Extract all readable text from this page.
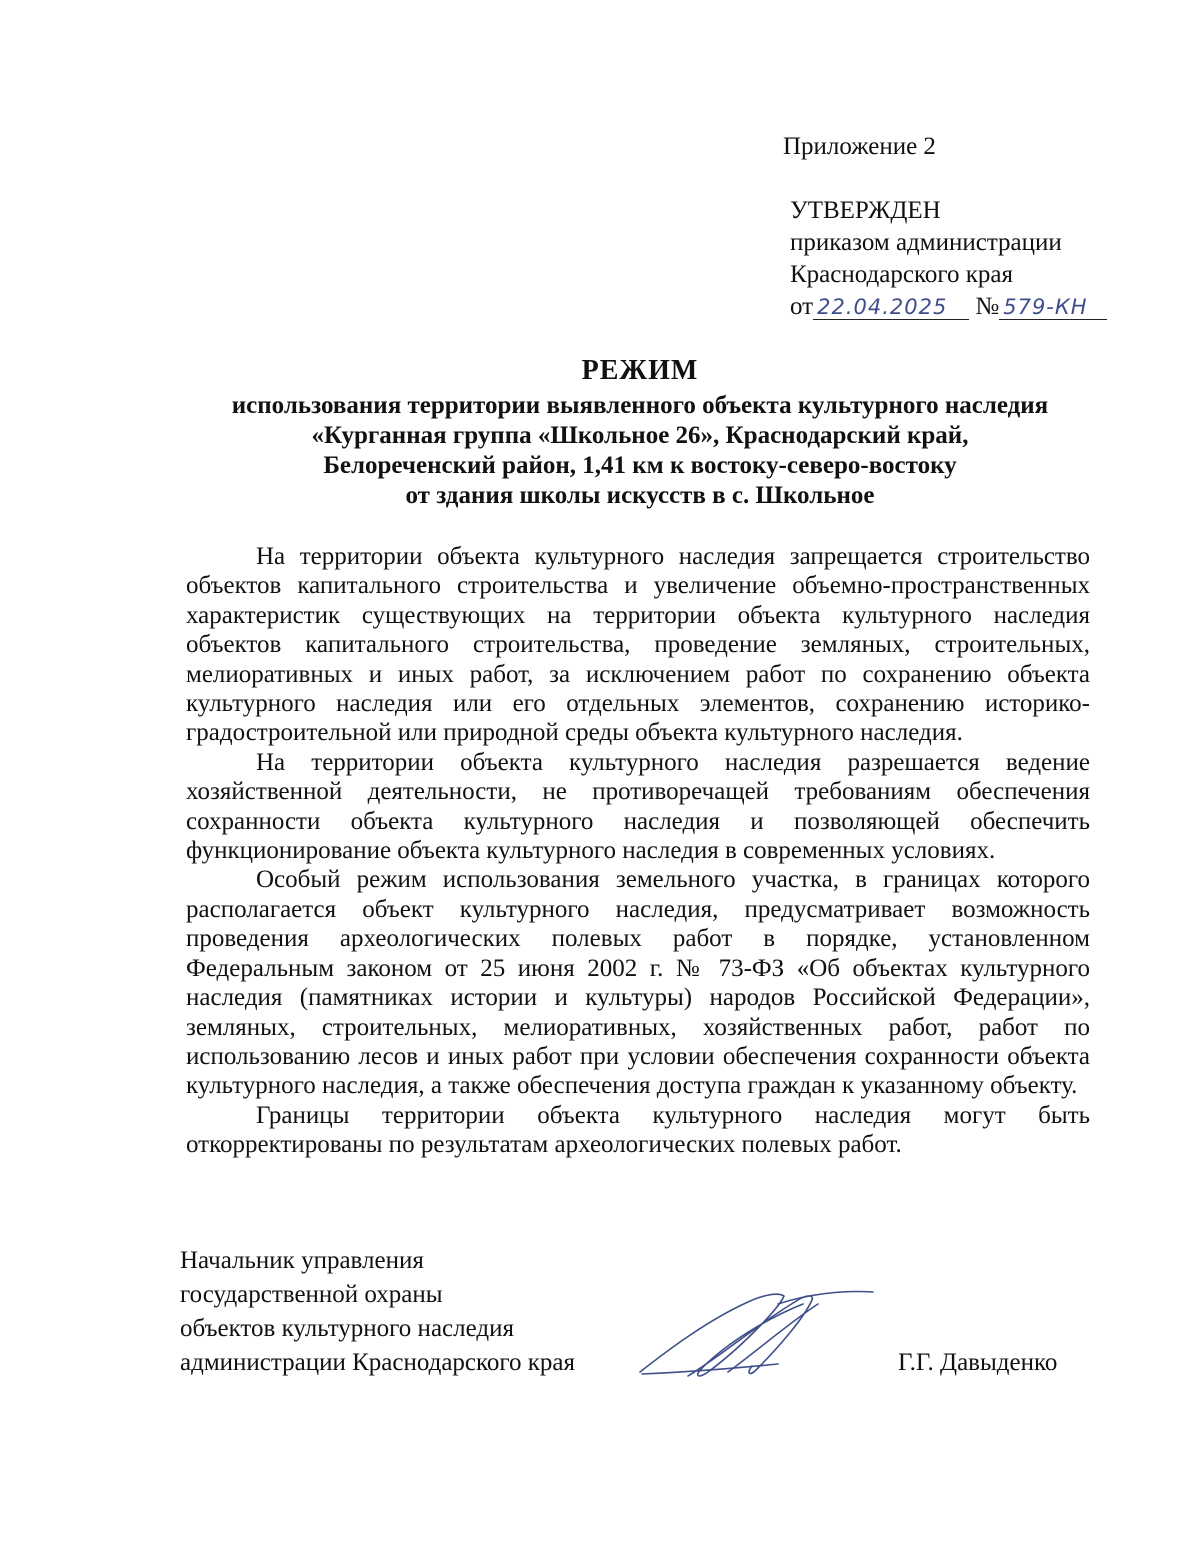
Приложение 2
УТВЕРЖДЕН
приказом администрации
Краснодарского края
от 22.04.2025 № 579-КН
РЕЖИМ
использования территории выявленного объекта культурного наследия
«Курганная группа «Школьное 26», Краснодарский край,
Белореченский район, 1,41 км к востоку-северо-востоку
от здания школы искусств в с. Школьное

На территории объекта культурного наследия запрещается строительство объектов капитального строительства и увеличение объемно-пространственных характеристик существующих на территории объекта культурного наследия объектов капитального строительства, проведение земляных, строительных, мелиоративных и иных работ, за исключением работ по сохранению объекта культурного наследия или его отдельных элементов, сохранению историко-градостроительной или природной среды объекта культурного наследия.

На территории объекта культурного наследия разрешается ведение хозяйственной деятельности, не противоречащей требованиям обеспечения сохранности объекта культурного наследия и позволяющей обеспечить функционирование объекта культурного наследия в современных условиях.

Особый режим использования земельного участка, в границах которого располагается объект культурного наследия, предусматривает возможность проведения археологических полевых работ в порядке, установленном Федеральным законом от 25 июня 2002 г. № 73-ФЗ «Об объектах культурного наследия (памятниках истории и культуры) народов Российской Федерации», земляных, строительных, мелиоративных, хозяйственных работ, работ по использованию лесов и иных работ при условии обеспечения сохранности объекта культурного наследия, а также обеспечения доступа граждан к указанному объекту.

Границы территории объекта культурного наследия могут быть откорректированы по результатам археологических полевых работ.

Начальник управления
государственной охраны
объектов культурного наследия
администрации Краснодарского края	Г.Г. Давыденко
